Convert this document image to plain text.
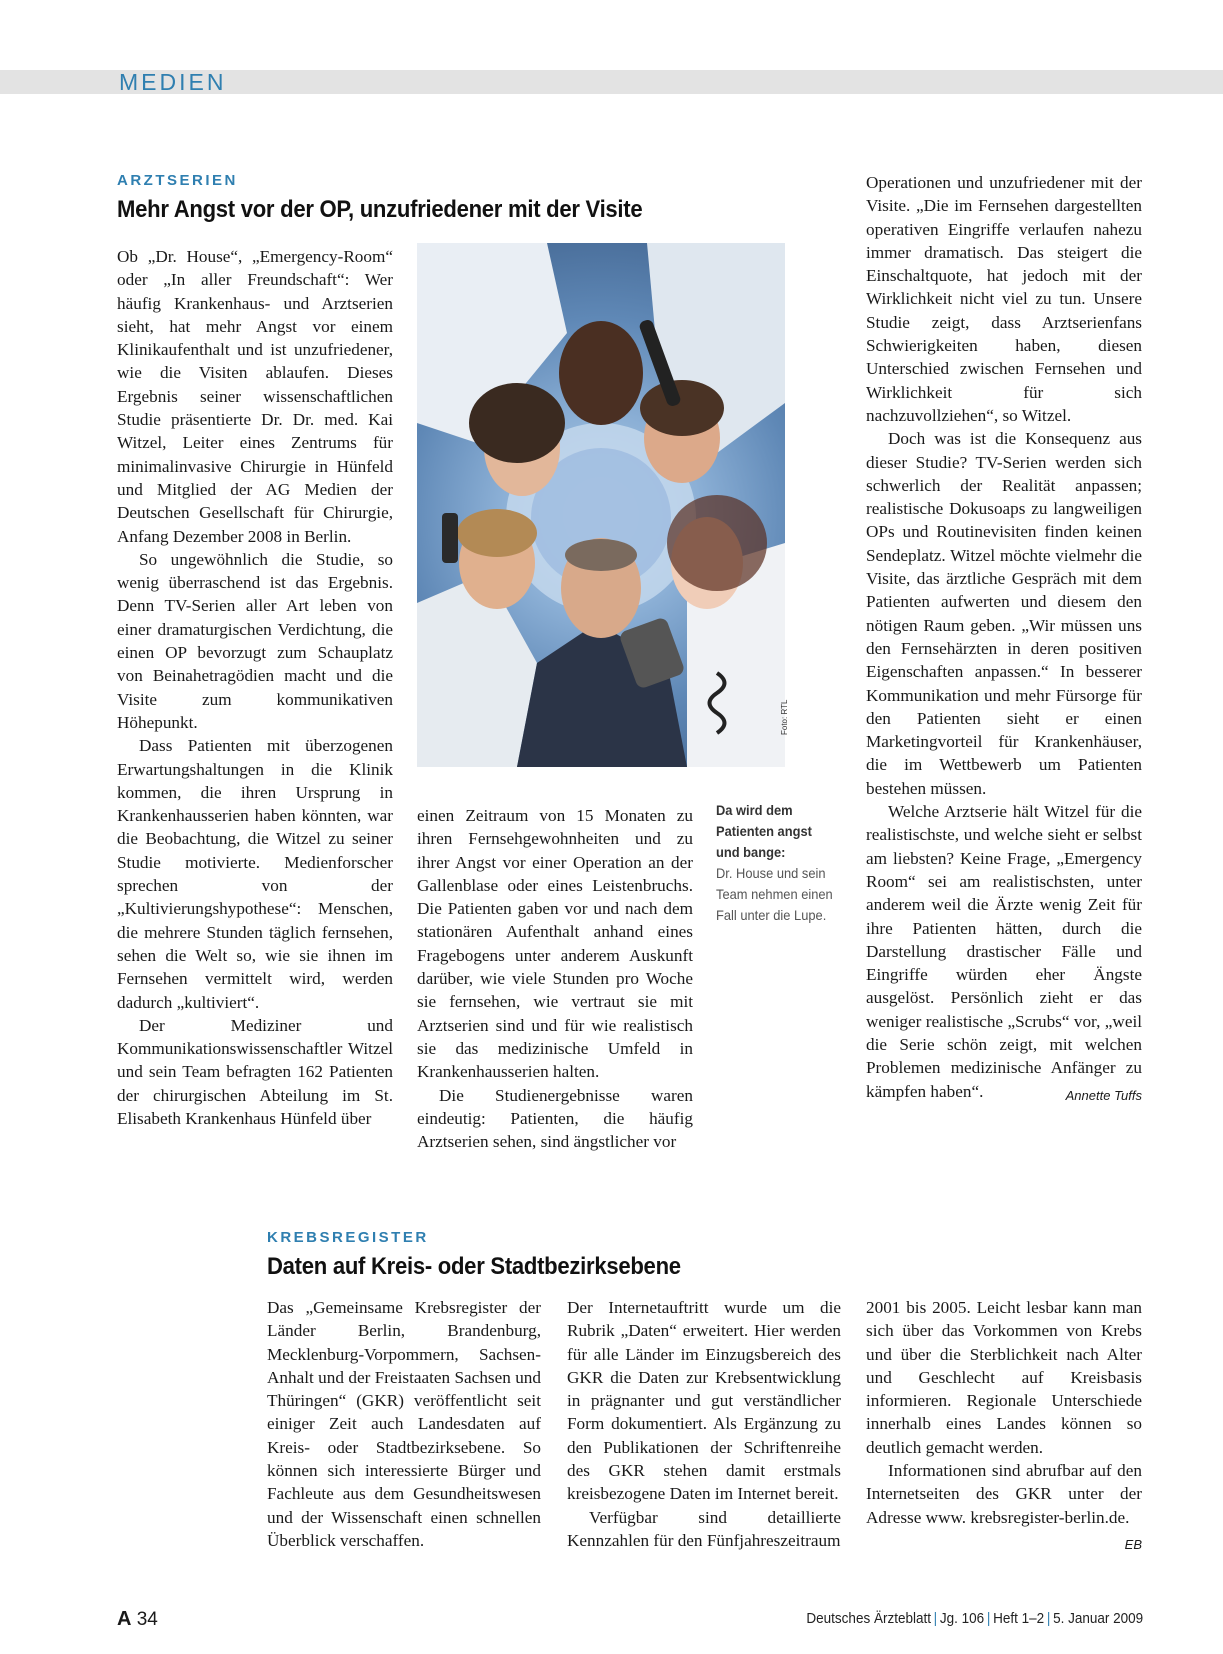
MEDIEN
ARZTSERIEN
Mehr Angst vor der OP, unzufriedener mit der Visite

Ob „Dr. House“, „Emergency-Room“ oder „In aller Freundschaft“: Wer häufig Krankenhaus- und Arztserien sieht, hat mehr Angst vor einem Klinikaufenthalt und ist unzufriedener, wie die Visiten ablaufen. Dieses Ergebnis seiner wissenschaftlichen Studie präsentierte Dr. Dr. med. Kai Witzel, Leiter eines Zentrums für minimalinvasive Chirurgie in Hünfeld und Mitglied der AG Medien der Deutschen Gesellschaft für Chirurgie, Anfang Dezember 2008 in Berlin.

So ungewöhnlich die Studie, so wenig überraschend ist das Ergebnis. Denn TV-Serien aller Art leben von einer dramaturgischen Verdichtung, die einen OP bevorzugt zum Schauplatz von Beinahetragödien macht und die Visite zum kommunikativen Höhepunkt.

Dass Patienten mit überzogenen Erwartungshaltungen in die Klinik kommen, die ihren Ursprung in Krankenhausserien haben könnten, war die Beobachtung, die Witzel zu seiner Studie motivierte. Medienforscher sprechen von der „Kultivierungshypothese“: Menschen, die mehrere Stunden täglich fernsehen, sehen die Welt so, wie sie ihnen im Fernsehen vermittelt wird, werden dadurch „kultiviert“.

Der Mediziner und Kommunikationswissenschaftler Witzel und sein Team befragten 162 Patienten der chirurgischen Abteilung im St. Elisabeth Krankenhaus Hünfeld über

Foto: RTL

einen Zeitraum von 15 Monaten zu ihren Fernsehgewohnheiten und zu ihrer Angst vor einer Operation an der Gallenblase oder eines Leistenbruchs. Die Patienten gaben vor und nach dem stationären Aufenthalt anhand eines Fragebogens unter anderem Auskunft darüber, wie viele Stunden pro Woche sie fernsehen, wie vertraut sie mit Arztserien sind und für wie realistisch sie das medizinische Umfeld in Krankenhausserien halten.

Die Studienergebnisse waren eindeutig: Patienten, die häufig Arztserien sehen, sind ängstlicher vor

Da wird dem Patienten angst und bange:
Dr. House und sein Team nehmen einen Fall unter die Lupe.

Operationen und unzufriedener mit der Visite. „Die im Fernsehen dargestellten operativen Eingriffe verlaufen nahezu immer dramatisch. Das steigert die Einschaltquote, hat jedoch mit der Wirklichkeit nicht viel zu tun. Unsere Studie zeigt, dass Arztserienfans Schwierigkeiten haben, diesen Unterschied zwischen Fernsehen und Wirklichkeit für sich nachzuvollziehen“, so Witzel.

Doch was ist die Konsequenz aus dieser Studie? TV-Serien werden sich schwerlich der Realität anpassen; realistische Dokusoaps zu langweiligen OPs und Routinevisiten finden keinen Sendeplatz. Witzel möchte vielmehr die Visite, das ärztliche Gespräch mit dem Patienten aufwerten und diesem den nötigen Raum geben. „Wir müssen uns den Fernsehärzten in deren positiven Eigenschaften anpassen.“ In besserer Kommunikation und mehr Fürsorge für den Patienten sieht er einen Marketingvorteil für Krankenhäuser, die im Wettbewerb um Patienten bestehen müssen.

Welche Arztserie hält Witzel für die realistischste, und welche sieht er selbst am liebsten? Keine Frage, „Emergency Room“ sei am realistischsten, unter anderem weil die Ärzte wenig Zeit für ihre Patienten hätten, durch die Darstellung drastischer Fälle und Eingriffe würden eher Ängste ausgelöst. Persönlich zieht er das weniger realistische „Scrubs“ vor, „weil die Serie schön zeigt, mit welchen Problemen medizinische Anfänger zu kämpfen haben“.	Annette Tuffs

KREBSREGISTER
Daten auf Kreis- oder Stadtbezirksebene

Das „Gemeinsame Krebsregister der Länder Berlin, Brandenburg, Mecklenburg-Vorpommern, Sachsen-Anhalt und der Freistaaten Sachsen und Thüringen“ (GKR) veröffentlicht seit einiger Zeit auch Landesdaten auf Kreis- oder Stadtbezirksebene. So können sich interessierte Bürger und Fachleute aus dem Gesundheitswesen und der Wissenschaft einen schnellen Überblick verschaffen.

Der Internetauftritt wurde um die Rubrik „Daten“ erweitert. Hier werden für alle Länder im Einzugsbereich des GKR die Daten zur Krebsentwicklung in prägnanter und gut verständlicher Form dokumentiert. Als Ergänzung zu den Publikationen der Schriftenreihe des GKR stehen damit erstmals kreisbezogene Daten im Internet bereit.

Verfügbar sind detaillierte Kennzahlen für den Fünfjahreszeitraum

2001 bis 2005. Leicht lesbar kann man sich über das Vorkommen von Krebs und über die Sterblichkeit nach Alter und Geschlecht auf Kreisbasis informieren. Regionale Unterschiede innerhalb eines Landes können so deutlich gemacht werden.

Informationen sind abrufbar auf den Internetseiten des GKR unter der Adresse www. krebsregister-berlin.de.
EB

A 34	Deutsches Ärzteblatt | Jg. 106 | Heft 1–2 | 5. Januar 2009
